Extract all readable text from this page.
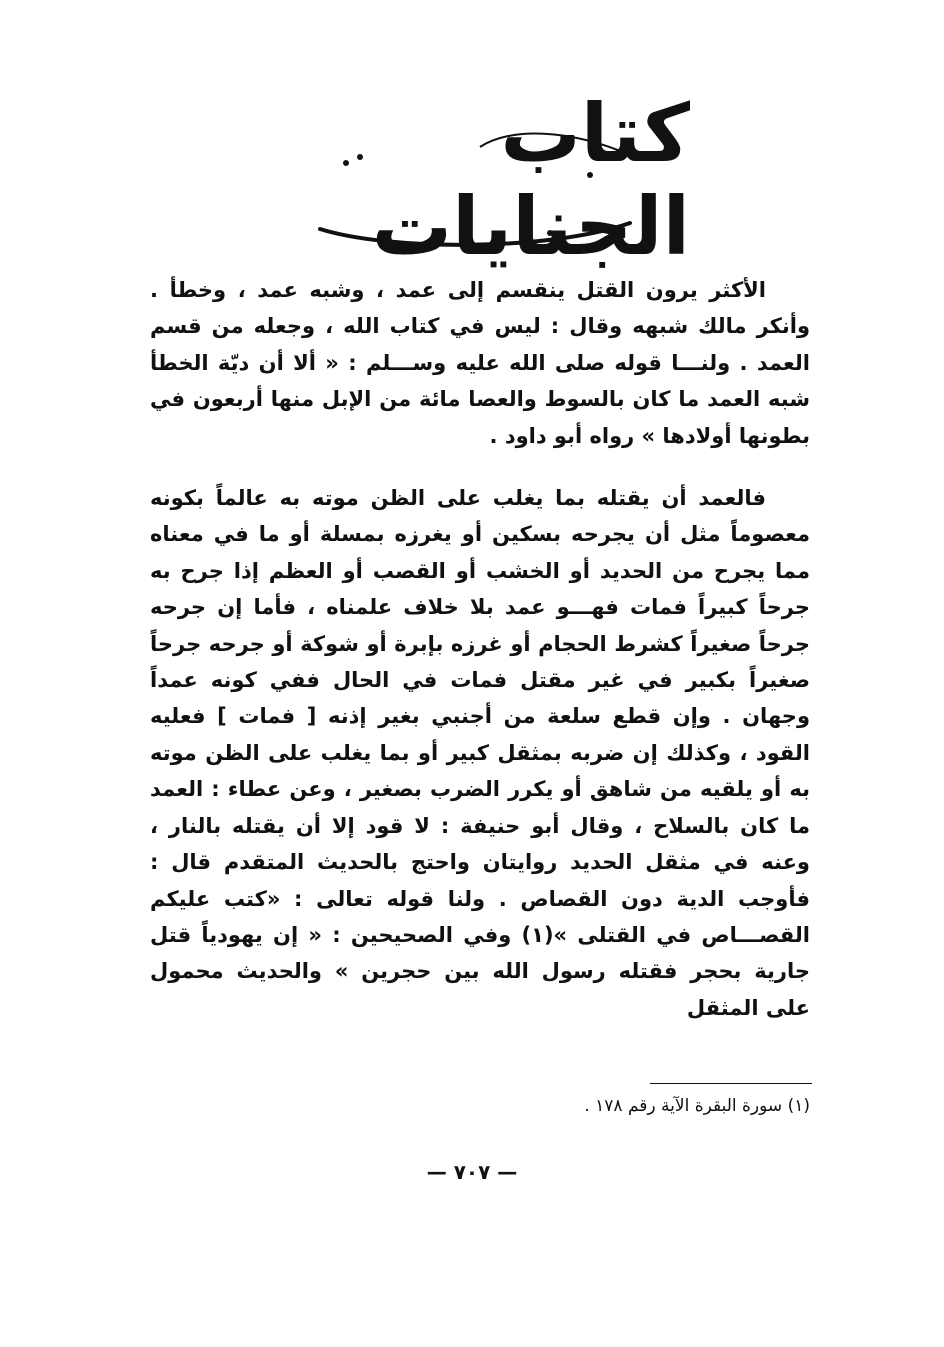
كتاب الجنايات

الأكثر يرون القتل ينقسم إلى عمد ، وشبه عمد ، وخطأ . وأنكر مالك شبهه وقال : ليس في كتاب الله ، وجعله من قسم العمد . ولنـــا قوله صلى الله عليه وســـلم : « ألا أن ديّة الخطأ شبه العمد ما كان بالسوط والعصا مائة من الإبل منها أربعون في بطونها أولادها » رواه أبو داود .

فالعمد أن يقتله بما يغلب على الظن موته به عالماً بكونه معصوماً مثل أن يجرحه بسكين أو يغرزه بمسلة أو ما في معناه مما يجرح من الحديد أو الخشب أو القصب أو العظم إذا جرح به جرحاً كبيراً فمات فهـــو عمد بلا خلاف علمناه ، فأما إن جرحه جرحاً صغيراً كشرط الحجام أو غرزه بإبرة أو شوكة أو جرحه جرحاً صغيراً بكبير في غير مقتل فمات في الحال ففي كونه عمداً وجهان . وإن قطع سلعة من أجنبي بغير إذنه [ فمات ] فعليه القود ، وكذلك إن ضربه بمثقل كبير أو بما يغلب على الظن موته به أو يلقيه من شاهق أو يكرر الضرب بصغير ، وعن عطاء : العمد ما كان بالسلاح ، وقال أبو حنيفة : لا قود إلا أن يقتله بالنار ، وعنه في مثقل الحديد روايتان واحتج بالحديث المتقدم قال : فأوجب الدية دون القصاص . ولنا قوله تعالى : «كتب عليكم القصـــاص في القتلى »(١) وفي الصحيحين : « إن يهودياً قتل جارية بحجر فقتله رسول الله بين حجرين » والحديث محمول على المثقل

(١) سورة البقرة الآية رقم ١٧٨ .
— ٧٠٧ —
